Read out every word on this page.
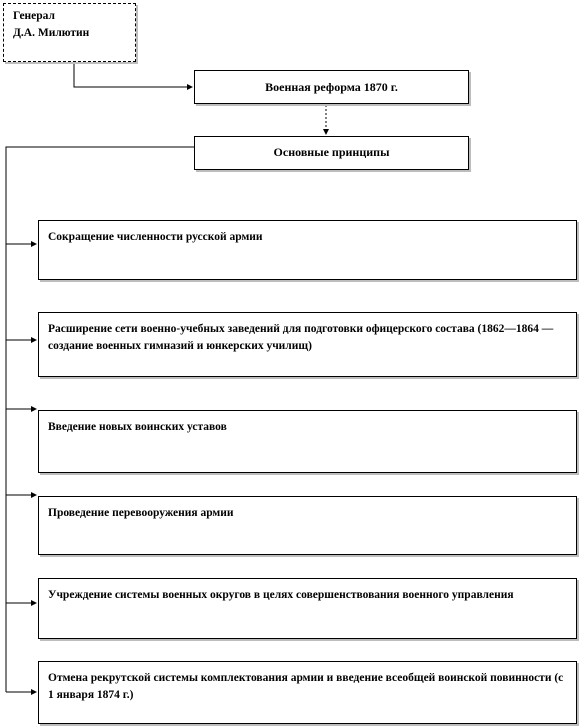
Генерал
Д.А. Милютин
Военная реформа 1870 г.
Основные принципы
Сокращение численности русской армии
Расширение сети военно-учебных заведений для подготовки офицерского состава (1862—1864 — создание военных гимназий и юнкерских училищ)
Введение новых воинских уставов
Проведение перевооружения армии
Учреждение системы военных округов в целях совершенствования военного управления
Отмена рекрутской системы комплектования армии и введение всеобщей воинской повинности (с 1 января 1874 г.)
